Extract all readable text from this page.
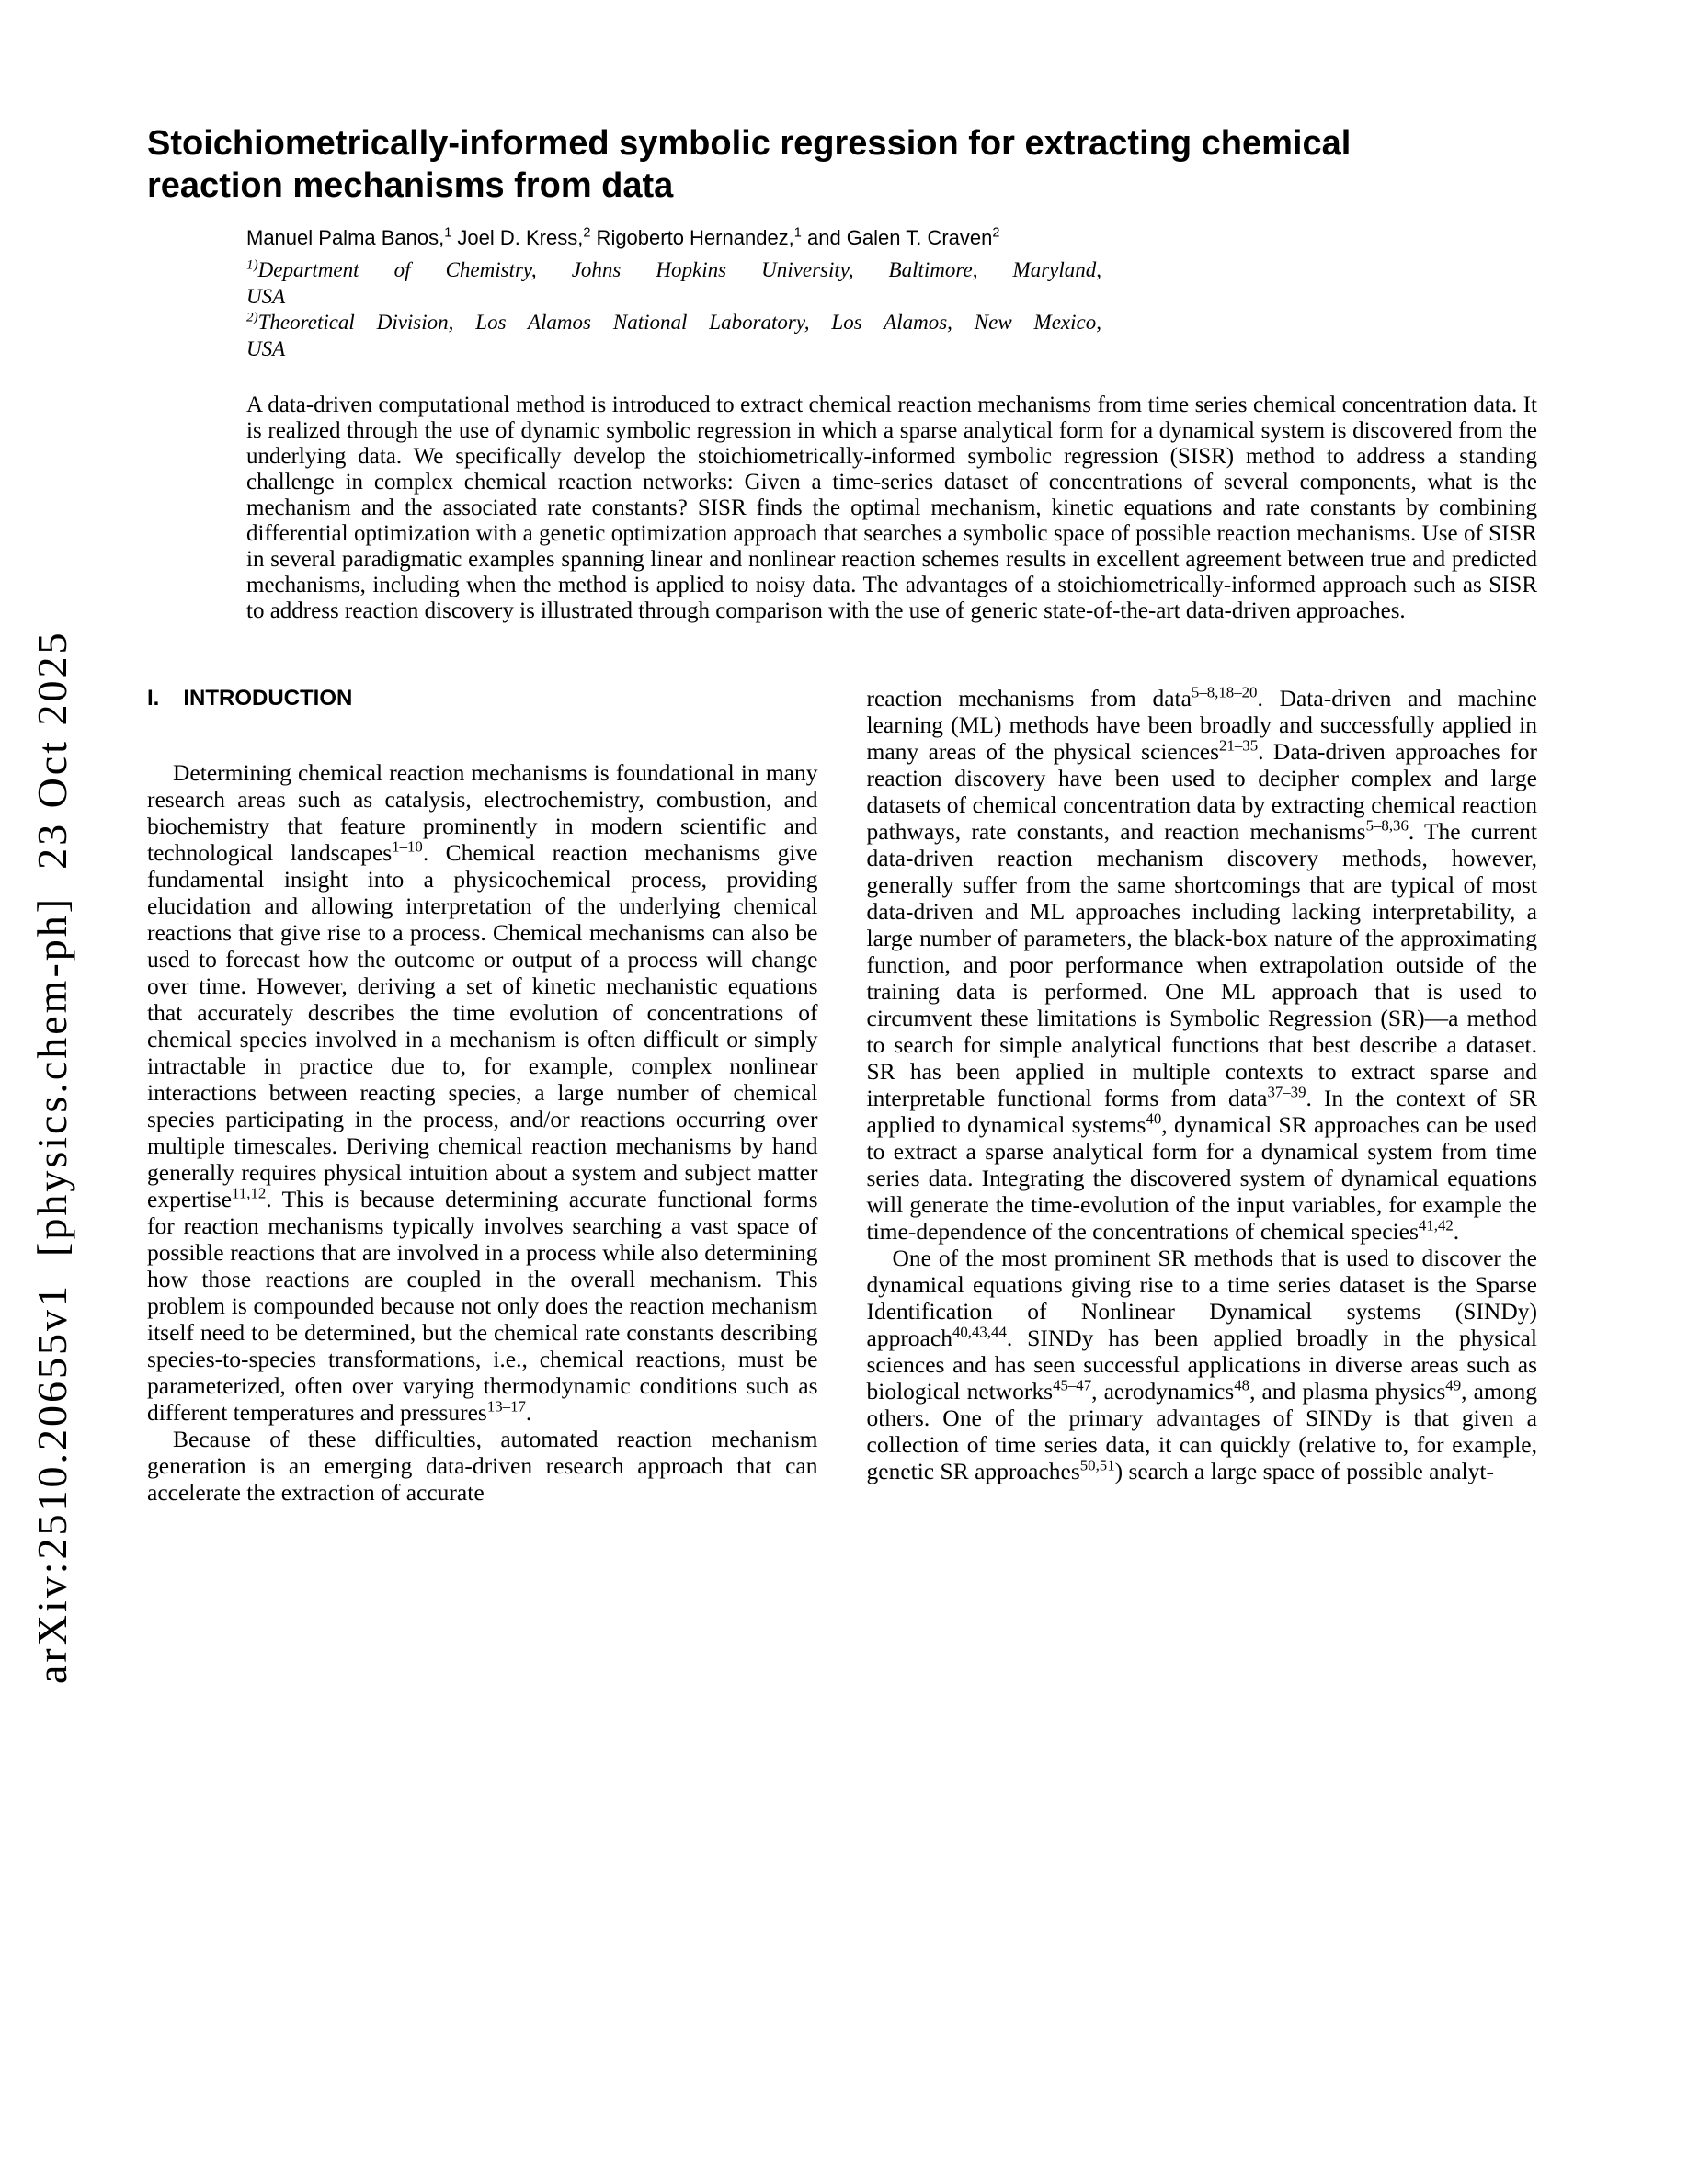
arXiv:2510.20655v1  [physics.chem-ph]  23 Oct 2025
Stoichiometrically-informed symbolic regression for extracting chemical reaction mechanisms from data
Manuel Palma Banos,$^1$ Joel D. Kress,$^2$ Rigoberto Hernandez,$^1$ and Galen T. Craven$^2$
$^{1)}$Department of Chemistry, Johns Hopkins University, Baltimore, Maryland,
USA
$^{2)}$Theoretical Division, Los Alamos National Laboratory, Los Alamos, New Mexico,
USA
A data-driven computational method is introduced to extract chemical reaction mechanisms from time series chemical concentration data. It is realized through the use of dynamic symbolic regression in which a sparse analytical form for a dynamical system is discovered from the underlying data. We specifically develop the stoichiometrically-informed symbolic regression (SISR) method to address a standing challenge in complex chemical reaction networks: Given a time-series dataset of concentrations of several components, what is the mechanism and the associated rate constants? SISR finds the optimal mechanism, kinetic equations and rate constants by combining differential optimization with a genetic optimization approach that searches a symbolic space of possible reaction mechanisms. Use of SISR in several paradigmatic examples spanning linear and nonlinear reaction schemes results in excellent agreement between true and predicted mechanisms, including when the method is applied to noisy data. The advantages of a stoichiometrically-informed approach such as SISR to address reaction discovery is illustrated through comparison with the use of generic state-of-the-art data-driven approaches.
I. INTRODUCTION

Determining chemical reaction mechanisms is foundational in many research areas such as catalysis, electrochemistry, combustion, and biochemistry that feature prominently in modern scientific and technological landscapes$^{1-10}$. Chemical reaction mechanisms give fundamental insight into a physicochemical process, providing elucidation and allowing interpretation of the underlying chemical reactions that give rise to a process. Chemical mechanisms can also be used to forecast how the outcome or output of a process will change over time. However, deriving a set of kinetic mechanistic equations that accurately describes the time evolution of concentrations of chemical species involved in a mechanism is often difficult or simply intractable in practice due to, for example, complex nonlinear interactions between reacting species, a large number of chemical species participating in the process, and/or reactions occurring over multiple timescales. Deriving chemical reaction mechanisms by hand generally requires physical intuition about a system and subject matter expertise$^{11,12}$. This is because determining accurate functional forms for reaction mechanisms typically involves searching a vast space of possible reactions that are involved in a process while also determining how those reactions are coupled in the overall mechanism. This problem is compounded because not only does the reaction mechanism itself need to be determined, but the chemical rate constants describing species-to-species transformations, i.e., chemical reactions, must be parameterized, often over varying thermodynamic conditions such as different temperatures and pressures$^{13-17}$.

Because of these difficulties, automated reaction mechanism generation is an emerging data-driven research approach that can accelerate the extraction of accurate

reaction mechanisms from data$^{5-8,18-20}$. Data-driven and machine learning (ML) methods have been broadly and successfully applied in many areas of the physical sciences$^{21-35}$. Data-driven approaches for reaction discovery have been used to decipher complex and large datasets of chemical concentration data by extracting chemical reaction pathways, rate constants, and reaction mechanisms$^{5-8,36}$. The current data-driven reaction mechanism discovery methods, however, generally suffer from the same shortcomings that are typical of most data-driven and ML approaches including lacking interpretability, a large number of parameters, the black-box nature of the approximating function, and poor performance when extrapolation outside of the training data is performed. One ML approach that is used to circumvent these limitations is Symbolic Regression (SR)—a method to search for simple analytical functions that best describe a dataset. SR has been applied in multiple contexts to extract sparse and interpretable functional forms from data$^{37-39}$. In the context of SR applied to dynamical systems$^{40}$, dynamical SR approaches can be used to extract a sparse analytical form for a dynamical system from time series data. Integrating the discovered system of dynamical equations will generate the time-evolution of the input variables, for example the time-dependence of the concentrations of chemical species$^{41,42}$.

One of the most prominent SR methods that is used to discover the dynamical equations giving rise to a time series dataset is the Sparse Identification of Nonlinear Dynamical systems (SINDy) approach$^{40,43,44}$. SINDy has been applied broadly in the physical sciences and has seen successful applications in diverse areas such as biological networks$^{45-47}$, aerodynamics$^{48}$, and plasma physics$^{49}$, among others. One of the primary advantages of SINDy is that given a collection of time series data, it can quickly (relative to, for example, genetic SR approaches$^{50,51}$) search a large space of possible analyt-
